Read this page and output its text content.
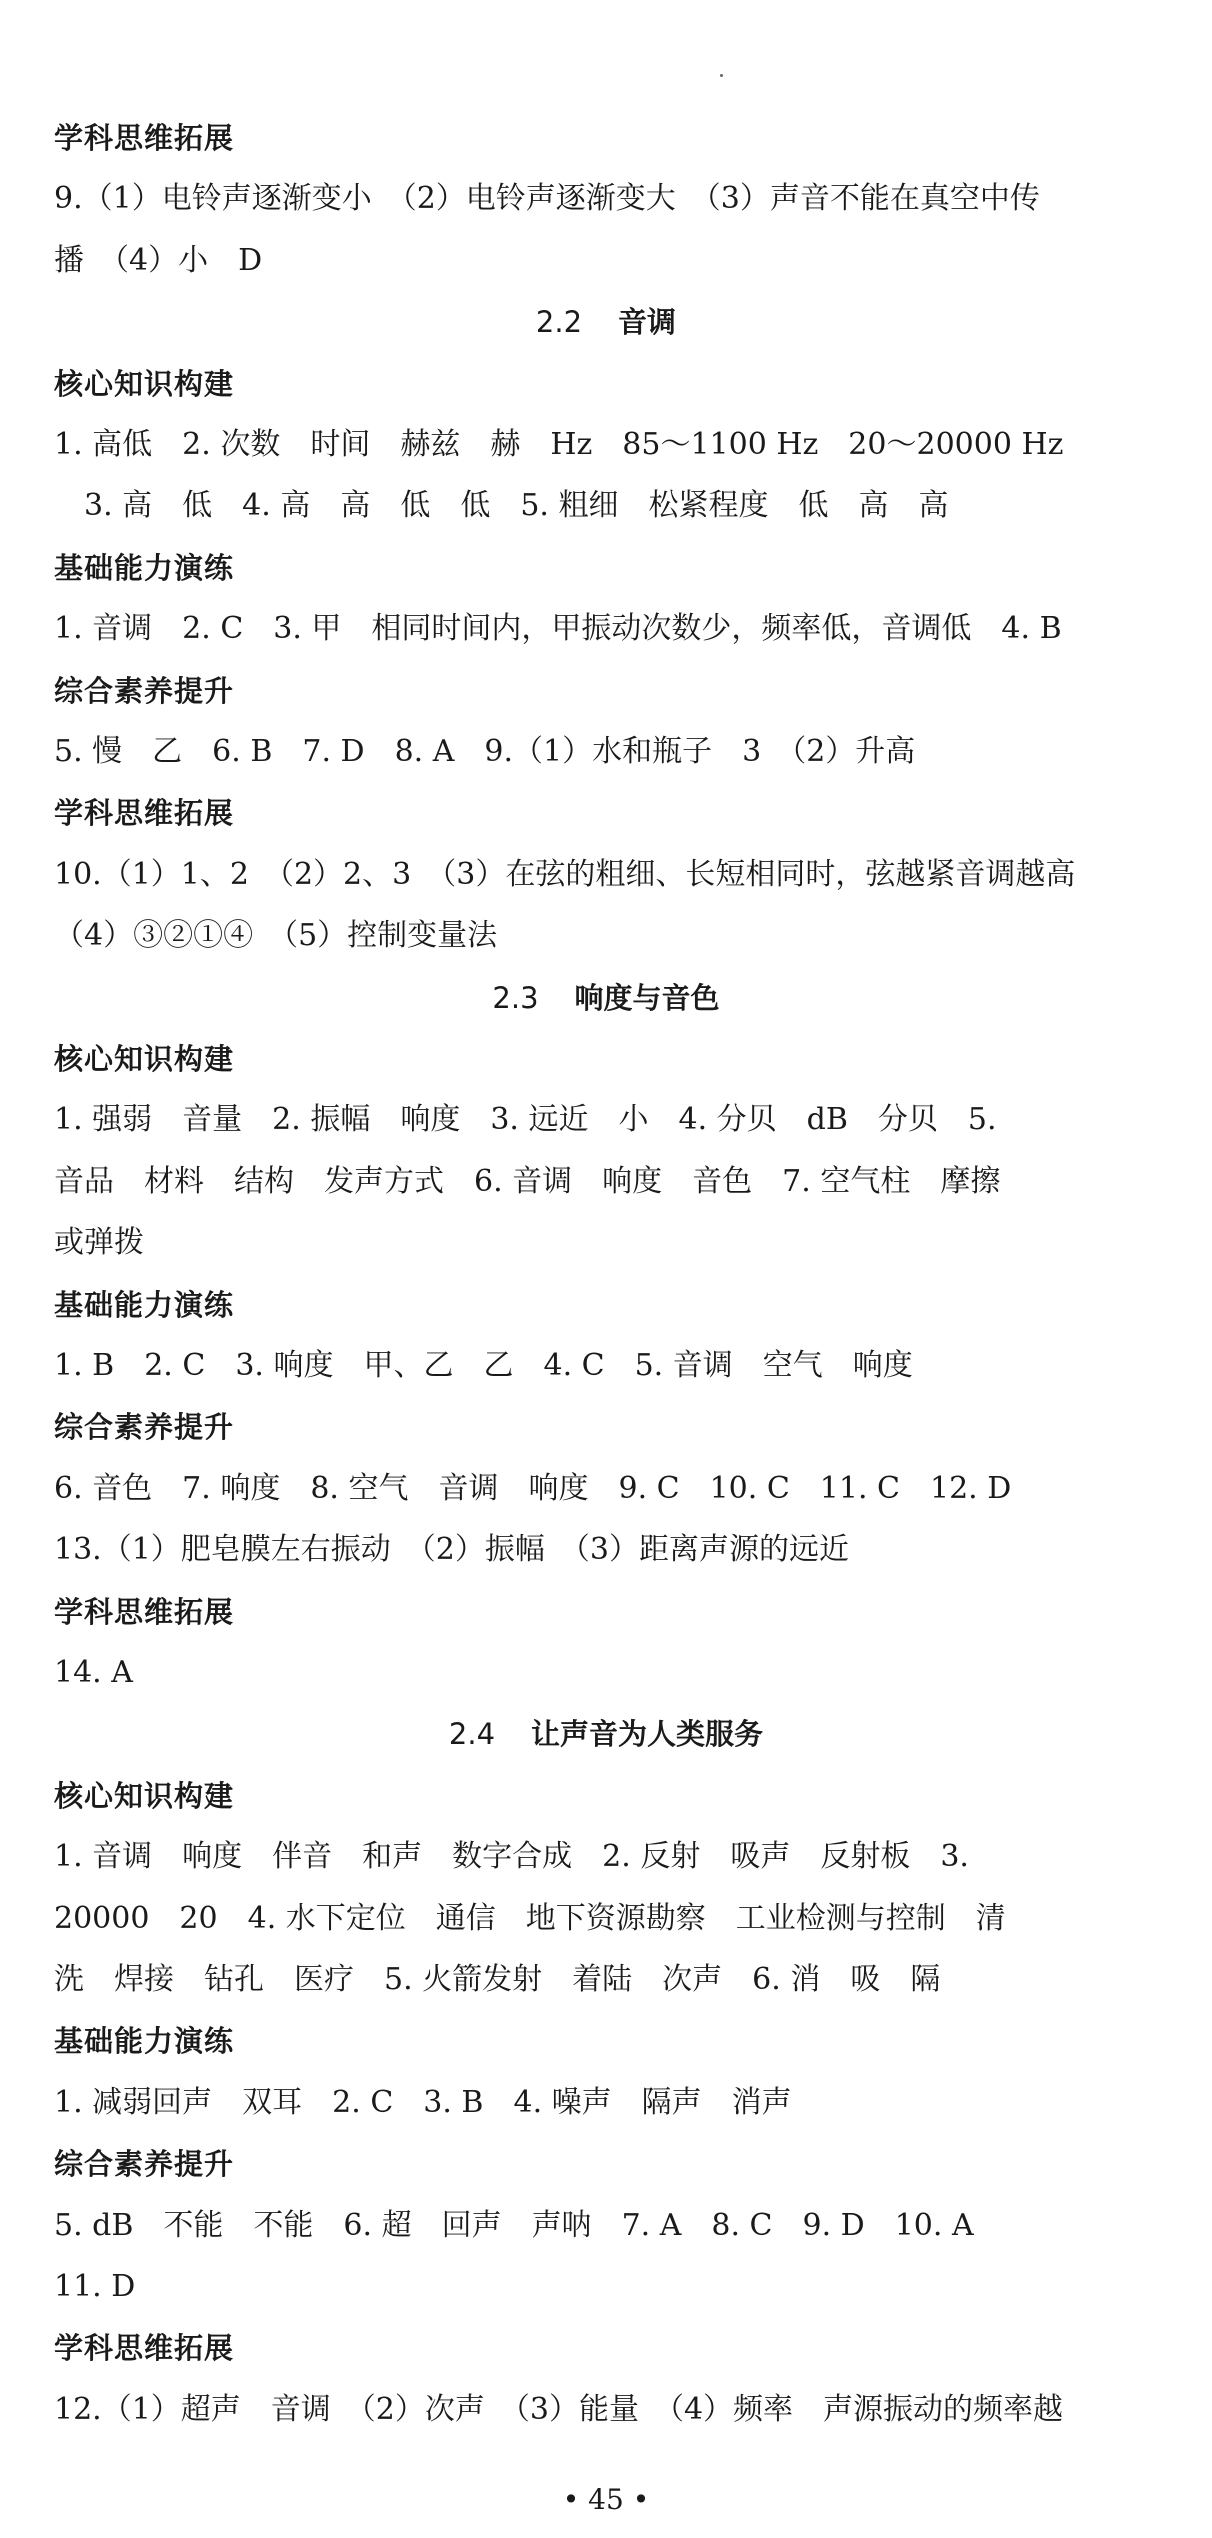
学科思维拓展
9.（1）电铃声逐渐变小　（2）电铃声逐渐变大　（3）声音不能在真空中传
播　（4）小　D
2.2 音调
核心知识构建
1. 高低　2. 次数　时间　赫兹　赫　Hz　85～1100 Hz　20～20000 Hz
　3. 高　低　4. 高　高　低　低　5. 粗细　松紧程度　低　高　高
基础能力演练
1. 音调　2. C　3. 甲　相同时间内，甲振动次数少，频率低，音调低　4. B
综合素养提升
5. 慢　乙　6. B　7. D　8. A　9.（1）水和瓶子　3　（2）升高
学科思维拓展
10.（1）1、2　（2）2、3　（3）在弦的粗细、长短相同时，弦越紧音调越高
（4）③②①④　（5）控制变量法
2.3 响度与音色
核心知识构建
1. 强弱　音量　2. 振幅　响度　3. 远近　小　4. 分贝　dB　分贝　5.
音品　材料　结构　发声方式　6. 音调　响度　音色　7. 空气柱　摩擦
或弹拨
基础能力演练
1. B　2. C　3. 响度　甲、乙　乙　4. C　5. 音调　空气　响度
综合素养提升
6. 音色　7. 响度　8. 空气　音调　响度　9. C　10. C　11. C　12. D
13.（1）肥皂膜左右振动　（2）振幅　（3）距离声源的远近
学科思维拓展
14. A
2.4 让声音为人类服务
核心知识构建
1. 音调　响度　伴音　和声　数字合成　2. 反射　吸声　反射板　3.
20000　20　4. 水下定位　通信　地下资源勘察　工业检测与控制　清
洗　焊接　钻孔　医疗　5. 火箭发射　着陆　次声　6. 消　吸　隔
基础能力演练
1. 减弱回声　双耳　2. C　3. B　4. 噪声　隔声　消声
综合素养提升
5. dB　不能　不能　6. 超　回声　声呐　7. A　8. C　9. D　10. A
11. D
学科思维拓展
12.（1）超声　音调　（2）次声　（3）能量　（4）频率　声源振动的频率越
• 45 •
